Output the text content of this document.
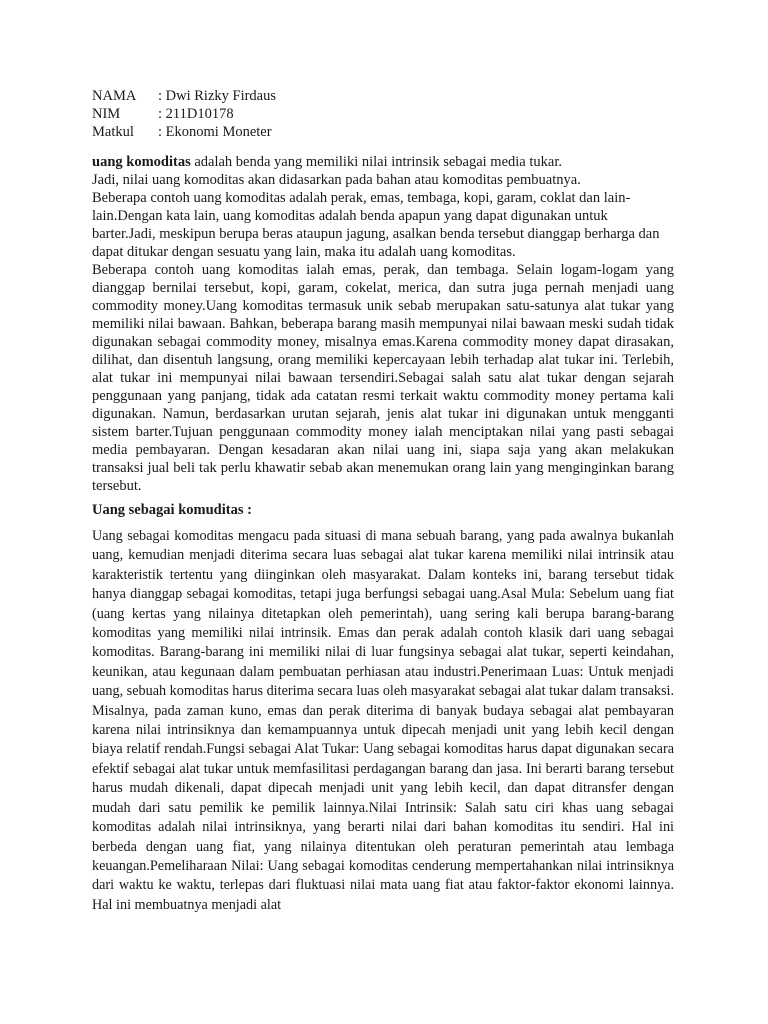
NAMA	: Dwi Rizky Firdaus
NIM	: 211D10178
Matkul	: Ekonomi Moneter

uang komoditas adalah benda yang memiliki nilai intrinsik sebagai media tukar.

Jadi, nilai uang komoditas akan didasarkan pada bahan atau komoditas pembuatnya.

Beberapa contoh uang komoditas adalah perak, emas, tembaga, kopi, garam, coklat dan lain-lain.Dengan kata lain, uang komoditas adalah benda apapun yang dapat digunakan untuk barter.Jadi, meskipun berupa beras ataupun jagung, asalkan benda tersebut dianggap berharga dan dapat ditukar dengan sesuatu yang lain, maka itu adalah uang komoditas.

Beberapa contoh uang komoditas ialah emas, perak, dan tembaga. Selain logam-logam yang dianggap bernilai tersebut, kopi, garam, cokelat, merica, dan sutra juga pernah menjadi uang commodity money.Uang komoditas termasuk unik sebab merupakan satu-satunya alat tukar yang memiliki nilai bawaan. Bahkan, beberapa barang masih mempunyai nilai bawaan meski sudah tidak digunakan sebagai commodity money, misalnya emas.Karena commodity money dapat dirasakan, dilihat, dan disentuh langsung, orang memiliki kepercayaan lebih terhadap alat tukar ini. Terlebih, alat tukar ini mempunyai nilai bawaan tersendiri.Sebagai salah satu alat tukar dengan sejarah penggunaan yang panjang, tidak ada catatan resmi terkait waktu commodity money pertama kali digunakan. Namun, berdasarkan urutan sejarah, jenis alat tukar ini digunakan untuk mengganti sistem barter.Tujuan penggunaan commodity money ialah menciptakan nilai yang pasti sebagai media pembayaran. Dengan kesadaran akan nilai uang ini, siapa saja yang akan melakukan transaksi jual beli tak perlu khawatir sebab akan menemukan orang lain yang menginginkan barang tersebut.

Uang sebagai komuditas :

Uang sebagai komoditas mengacu pada situasi di mana sebuah barang, yang pada awalnya bukanlah uang, kemudian menjadi diterima secara luas sebagai alat tukar karena memiliki nilai intrinsik atau karakteristik tertentu yang diinginkan oleh masyarakat. Dalam konteks ini, barang tersebut tidak hanya dianggap sebagai komoditas, tetapi juga berfungsi sebagai uang.Asal Mula: Sebelum uang fiat (uang kertas yang nilainya ditetapkan oleh pemerintah), uang sering kali berupa barang-barang komoditas yang memiliki nilai intrinsik. Emas dan perak adalah contoh klasik dari uang sebagai komoditas. Barang-barang ini memiliki nilai di luar fungsinya sebagai alat tukar, seperti keindahan, keunikan, atau kegunaan dalam pembuatan perhiasan atau industri.Penerimaan Luas: Untuk menjadi uang, sebuah komoditas harus diterima secara luas oleh masyarakat sebagai alat tukar dalam transaksi. Misalnya, pada zaman kuno, emas dan perak diterima di banyak budaya sebagai alat pembayaran karena nilai intrinsiknya dan kemampuannya untuk dipecah menjadi unit yang lebih kecil dengan biaya relatif rendah.Fungsi sebagai Alat Tukar: Uang sebagai komoditas harus dapat digunakan secara efektif sebagai alat tukar untuk memfasilitasi perdagangan barang dan jasa. Ini berarti barang tersebut harus mudah dikenali, dapat dipecah menjadi unit yang lebih kecil, dan dapat ditransfer dengan mudah dari satu pemilik ke pemilik lainnya.Nilai Intrinsik: Salah satu ciri khas uang sebagai komoditas adalah nilai intrinsiknya, yang berarti nilai dari bahan komoditas itu sendiri. Hal ini berbeda dengan uang fiat, yang nilainya ditentukan oleh peraturan pemerintah atau lembaga keuangan.Pemeliharaan Nilai: Uang sebagai komoditas cenderung mempertahankan nilai intrinsiknya dari waktu ke waktu, terlepas dari fluktuasi nilai mata uang fiat atau faktor-faktor ekonomi lainnya. Hal ini membuatnya menjadi alat
